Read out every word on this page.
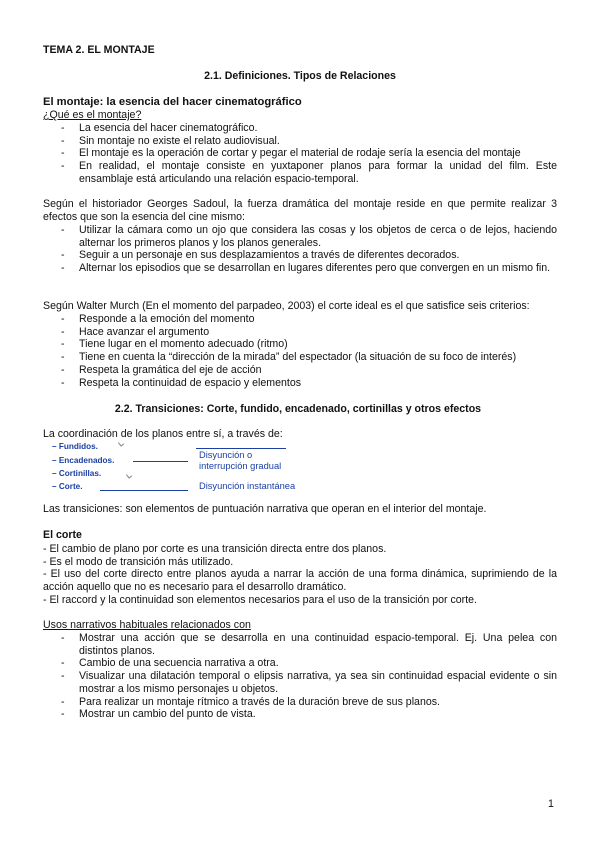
TEMA 2. EL MONTAJE
2.1. Definiciones. Tipos de Relaciones
El montaje: la esencia del hacer cinematográfico
¿Qué es el montaje?
- La esencia del hacer cinematográfico.
- Sin montaje no existe el relato audiovisual.
- El montaje es la operación de cortar y pegar el material de rodaje sería la esencia del montaje
- En realidad, el montaje consiste en yuxtaponer planos para formar la unidad del film. Este ensamblaje está articulando una relación espacio-temporal.
Según el historiador Georges Sadoul, la fuerza dramática del montaje reside en que permite realizar 3 efectos que son la esencia del cine mismo:
- Utilizar la cámara como un ojo que considera las cosas y los objetos de cerca o de lejos, haciendo alternar los primeros planos y los planos generales.
- Seguir a un personaje en sus desplazamientos a través de diferentes decorados.
- Alternar los episodios que se desarrollan en lugares diferentes pero que convergen en un mismo fin.
Según Walter Murch (En el momento del parpadeo, 2003) el corte ideal es el que satisfice seis criterios:
- Responde a la emoción del momento
- Hace avanzar el argumento
- Tiene lugar en el momento adecuado (ritmo)
- Tiene en cuenta la “dirección de la mirada” del espectador (la situación de su foco de interés)
- Respeta la gramática del eje de acción
- Respeta la continuidad de espacio y elementos
2.2. Transiciones: Corte, fundido, encadenado, cortinillas y otros efectos
La coordinación de los planos entre sí, a través de:
– Fundidos.
– Encadenados.
– Cortinillas.
– Corte.
Disyunción o interrupción gradual
Disyunción instantánea
Las transiciones: son elementos de puntuación narrativa que operan en el interior del montaje.
El corte
- El cambio de plano por corte es una transición directa entre dos planos.
- Es el modo de transición más utilizado.
- El uso del corte directo entre planos ayuda a narrar la acción de una forma dinámica, suprimiendo de la acción aquello que no es necesario para el desarrollo dramático.
- El raccord y la continuidad son elementos necesarios para el uso de la transición por corte.
Usos narrativos habituales relacionados con
- Mostrar una acción que se desarrolla en una continuidad espacio-temporal. Ej. Una pelea con distintos planos.
- Cambio de una secuencia narrativa a otra.
- Visualizar una dilatación temporal o elipsis narrativa, ya sea sin continuidad espacial evidente o sin mostrar a los mismo personajes u objetos.
- Para realizar un montaje rítmico a través de la duración breve de sus planos.
- Mostrar un cambio del punto de vista.
1
